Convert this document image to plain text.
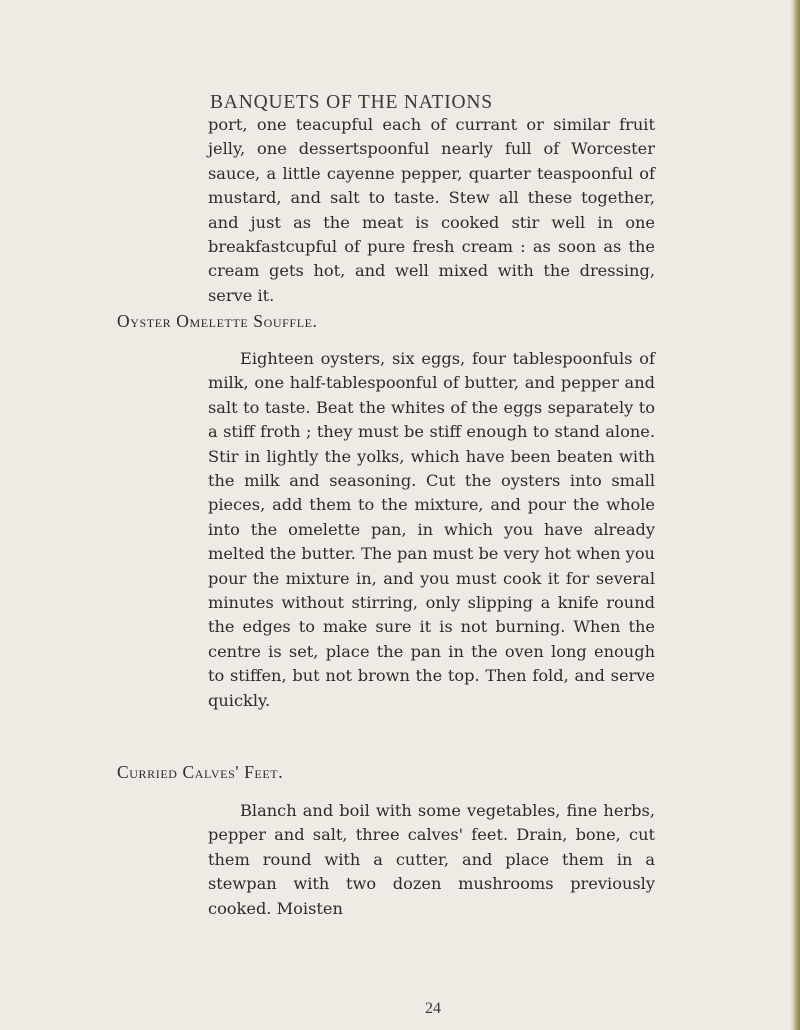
BANQUETS OF THE NATIONS

port, one teacupful each of currant or similar fruit jelly, one dessertspoonful nearly full of Worcester sauce, a little cayenne pepper, quarter teaspoonful of mustard, and salt to taste. Stew all these together, and just as the meat is cooked stir well in one breakfastcupful of pure fresh cream : as soon as the cream gets hot, and well mixed with the dressing, serve it.

Oyster Omelette Souffle.

Eighteen oysters, six eggs, four tablespoonfuls of milk, one half-tablespoonful of butter, and pepper and salt to taste. Beat the whites of the eggs separately to a stiff froth ; they must be stiff enough to stand alone. Stir in lightly the yolks, which have been beaten with the milk and seasoning. Cut the oysters into small pieces, add them to the mixture, and pour the whole into the omelette pan, in which you have already melted the butter. The pan must be very hot when you pour the mixture in, and you must cook it for several minutes without stirring, only slipping a knife round the edges to make sure it is not burning. When the centre is set, place the pan in the oven long enough to stiffen, but not brown the top. Then fold, and serve quickly.

Curried Calves' Feet.

Blanch and boil with some vegetables, fine herbs, pepper and salt, three calves' feet. Drain, bone, cut them round with a cutter, and place them in a stewpan with two dozen mushrooms previously cooked. Moisten

24
